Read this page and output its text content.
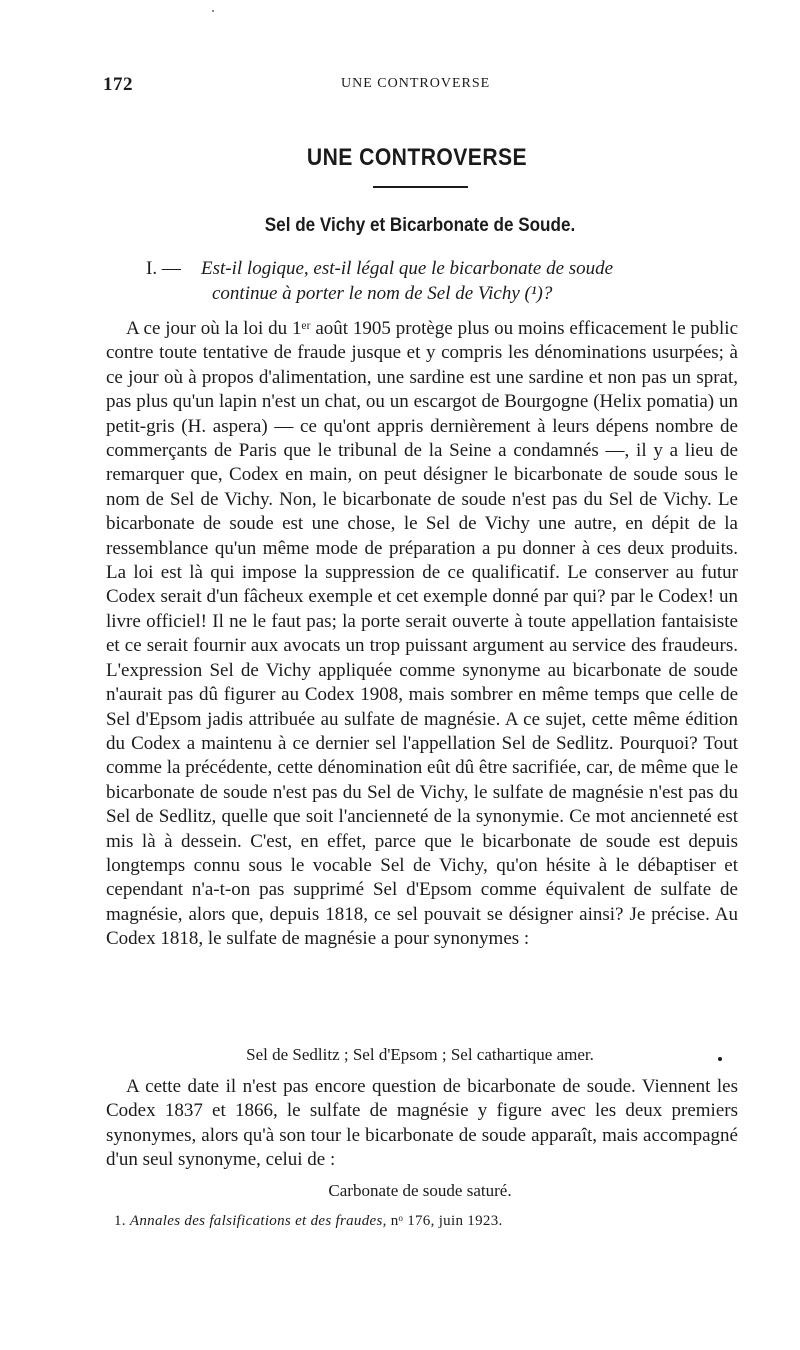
172	UNE CONTROVERSE
UNE CONTROVERSE
Sel de Vichy et Bicarbonate de Soude.
I. — Est-il logique, est-il légal que le bicarbonate de soude
continue à porter le nom de Sel de Vichy (¹)?

A ce jour où la loi du 1ᵉʳ août 1905 protège plus ou moins efficacement le public contre toute tentative de fraude jusque et y compris les dénominations usurpées; à ce jour où à propos d'alimentation, une sardine est une sardine et non pas un sprat, pas plus qu'un lapin n'est un chat, ou un escargot de Bourgogne (Helix pomatia) un petit-gris (H. aspera) — ce qu'ont appris dernièrement à leurs dépens nombre de commerçants de Paris que le tribunal de la Seine a condamnés —, il y a lieu de remarquer que, Codex en main, on peut désigner le bicarbonate de soude sous le nom de Sel de Vichy. Non, le bicarbonate de soude n'est pas du Sel de Vichy. Le bicarbonate de soude est une chose, le Sel de Vichy une autre, en dépit de la ressemblance qu'un même mode de préparation a pu donner à ces deux produits. La loi est là qui impose la suppression de ce qualificatif. Le conserver au futur Codex serait d'un fâcheux exemple et cet exemple donné par qui? par le Codex! un livre officiel! Il ne le faut pas; la porte serait ouverte à toute appellation fantaisiste et ce serait fournir aux avocats un trop puissant argument au service des fraudeurs. L'expression Sel de Vichy appliquée comme synonyme au bicarbonate de soude n'aurait pas dû figurer au Codex 1908, mais sombrer en même temps que celle de Sel d'Epsom jadis attribuée au sulfate de magnésie. A ce sujet, cette même édition du Codex a maintenu à ce dernier sel l'appellation Sel de Sedlitz. Pourquoi? Tout comme la précédente, cette dénomination eût dû être sacrifiée, car, de même que le bicarbonate de soude n'est pas du Sel de Vichy, le sulfate de magnésie n'est pas du Sel de Sedlitz, quelle que soit l'ancienneté de la synonymie. Ce mot ancienneté est mis là à dessein. C'est, en effet, parce que le bicarbonate de soude est depuis longtemps connu sous le vocable Sel de Vichy, qu'on hésite à le débaptiser et cependant n'a-t-on pas supprimé Sel d'Epsom comme équivalent de sulfate de magnésie, alors que, depuis 1818, ce sel pouvait se désigner ainsi? Je précise. Au Codex 1818, le sulfate de magnésie a pour synonymes :

Sel de Sedlitz ; Sel d'Epsom ; Sel cathartique amer.

A cette date il n'est pas encore question de bicarbonate de soude. Viennent les Codex 1837 et 1866, le sulfate de magnésie y figure avec les deux premiers synonymes, alors qu'à son tour le bicarbonate de soude apparaît, mais accompagné d'un seul synonyme, celui de :

Carbonate de soude saturé.
1. Annales des falsifications et des fraudes, nᵒ 176, juin 1923.
